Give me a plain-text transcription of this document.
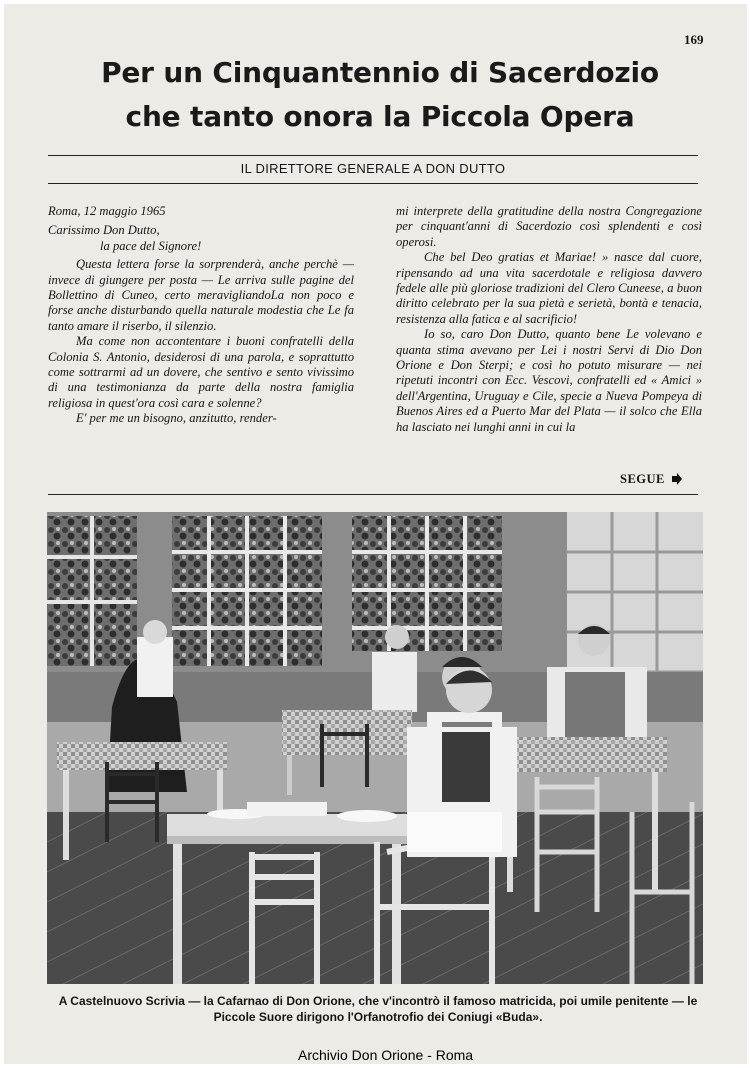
169
Per un Cinquantennio di Sacerdozio
che tanto onora la Piccola Opera
IL DIRETTORE GENERALE A DON DUTTO

Roma, 12 maggio 1965

Carissimo Don Dutto,

la pace del Signore!

Questa lettera forse la sorprenderà, anche perchè — invece di giungere per posta — Le arriva sulle pagine del Bollettino di Cuneo, certo meravigliandoLa non poco e forse anche disturbando quella naturale modestia che Le fa tanto amare il riserbo, il silenzio.

Ma come non accontentare i buoni confratelli della Colonia S. Antonio, desiderosi di una parola, e soprattutto come sottrarmi ad un dovere, che sentivo e sento vivissimo di una testimonianza da parte della nostra famiglia religiosa in quest'ora così cara e solenne?

E' per me un bisogno, anzitutto, render-

mi interprete della gratitudine della nostra Congregazione per cinquant'anni di Sacerdozio così splendenti e così operosi.

Che bel Deo gratias et Mariae! » nasce dal cuore, ripensando ad una vita sacerdotale e religiosa davvero fedele alle più gloriose tradizioni del Clero Cuneese, a buon diritto celebrato per la sua pietà e serietà, bontà e tenacia, resistenza alla fatica e al sacrificio!

Io so, caro Don Dutto, quanto bene Le volevano e quanta stima avevano per Lei i nostri Servi di Dio Don Orione e Don Sterpi; e così ho potuto misurare — nei ripetuti incontri con Ecc. Vescovi, confratelli ed « Amici » dell'Argentina, Uruguay e Cile, specie a Nueva Pompeya di Buenos Aires ed a Puerto Mar del Plata — il solco che Ella ha lasciato nei lunghi anni in cui la

SEGUE
A Castelnuovo Scrivia — la Cafarnao di Don Orione, che v'incontrò il famoso matricida, poi umile penitente — le Piccole Suore dirigono l'Orfanotrofio dei Coniugi «Buda».
Archivio Don Orione - Roma
